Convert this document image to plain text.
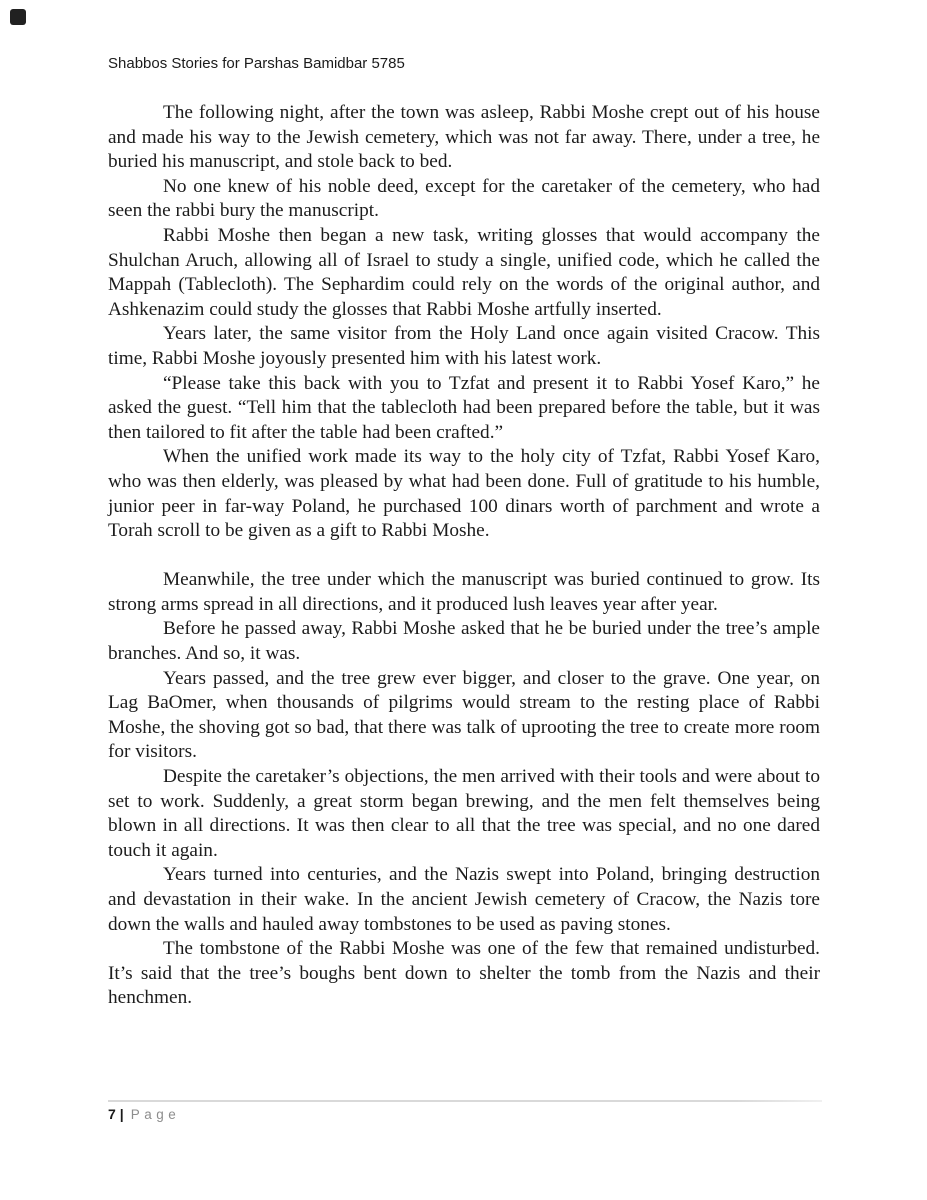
Shabbos Stories for Parshas Bamidbar 5785

The following night, after the town was asleep, Rabbi Moshe crept out of his house and made his way to the Jewish cemetery, which was not far away. There, under a tree, he buried his manuscript, and stole back to bed.

No one knew of his noble deed, except for the caretaker of the cemetery, who had seen the rabbi bury the manuscript.

Rabbi Moshe then began a new task, writing glosses that would accompany the Shulchan Aruch, allowing all of Israel to study a single, unified code, which he called the Mappah (Tablecloth). The Sephardim could rely on the words of the original author, and Ashkenazim could study the glosses that Rabbi Moshe artfully inserted.

Years later, the same visitor from the Holy Land once again visited Cracow. This time, Rabbi Moshe joyously presented him with his latest work.

“Please take this back with you to Tzfat and present it to Rabbi Yosef Karo,” he asked the guest. “Tell him that the tablecloth had been prepared before the table, but it was then tailored to fit after the table had been crafted.”

When the unified work made its way to the holy city of Tzfat, Rabbi Yosef Karo, who was then elderly, was pleased by what had been done. Full of gratitude to his humble, junior peer in far-way Poland, he purchased 100 dinars worth of parchment and wrote a Torah scroll to be given as a gift to Rabbi Moshe.

Meanwhile, the tree under which the manuscript was buried continued to grow. Its strong arms spread in all directions, and it produced lush leaves year after year.

Before he passed away, Rabbi Moshe asked that he be buried under the tree’s ample branches. And so, it was.

Years passed, and the tree grew ever bigger, and closer to the grave. One year, on Lag BaOmer, when thousands of pilgrims would stream to the resting place of Rabbi Moshe, the shoving got so bad, that there was talk of uprooting the tree to create more room for visitors.

Despite the caretaker’s objections, the men arrived with their tools and were about to set to work. Suddenly, a great storm began brewing, and the men felt themselves being blown in all directions. It was then clear to all that the tree was special, and no one dared touch it again.

Years turned into centuries, and the Nazis swept into Poland, bringing destruction and devastation in their wake. In the ancient Jewish cemetery of Cracow, the Nazis tore down the walls and hauled away tombstones to be used as paving stones.

The tombstone of the Rabbi Moshe was one of the few that remained undisturbed. It’s said that the tree’s boughs bent down to shelter the tomb from the Nazis and their henchmen.

7 | Page
